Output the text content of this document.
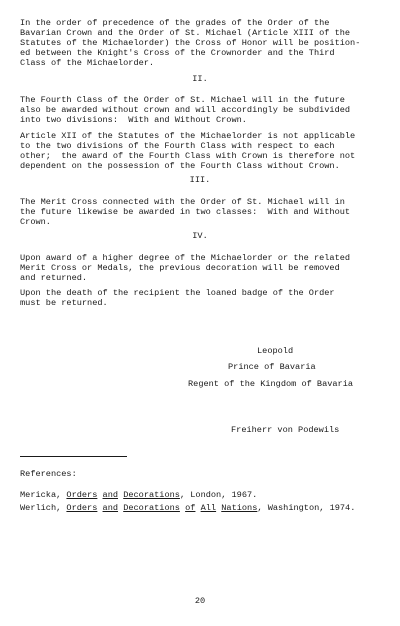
In the order of precedence of the grades of the Order of the
Bavarian Crown and the Order of St. Michael (Article XIII of the
Statutes of the Michaelorder) the Cross of Honor will be position-
ed between the Knight's Cross of the Crownorder and the Third
Class of the Michaelorder.

II.

The Fourth Class of the Order of St. Michael will in the future
also be awarded without crown and will accordingly be subdivided
into two divisions:  With and Without Crown.

Article XII of the Statutes of the Michaelorder is not applicable
to the two divisions of the Fourth Class with respect to each
other;  the award of the Fourth Class with Crown is therefore not
dependent on the possession of the Fourth Class without Crown.

III.

The Merit Cross connected with the Order of St. Michael will in
the future likewise be awarded in two classes:  With and Without
Crown.

IV.

Upon award of a higher degree of the Michaelorder or the related
Merit Cross or Medals, the previous decoration will be removed
and returned.

Upon the death of the recipient the loaned badge of the Order
must be returned.

Leopold

Prince of Bavaria

Regent of the Kingdom of Bavaria

Freiherr von Podewils

References:

Mericka, Orders and Decorations, London, 1967.

Werlich, Orders and Decorations of All Nations, Washington, 1974.

20
